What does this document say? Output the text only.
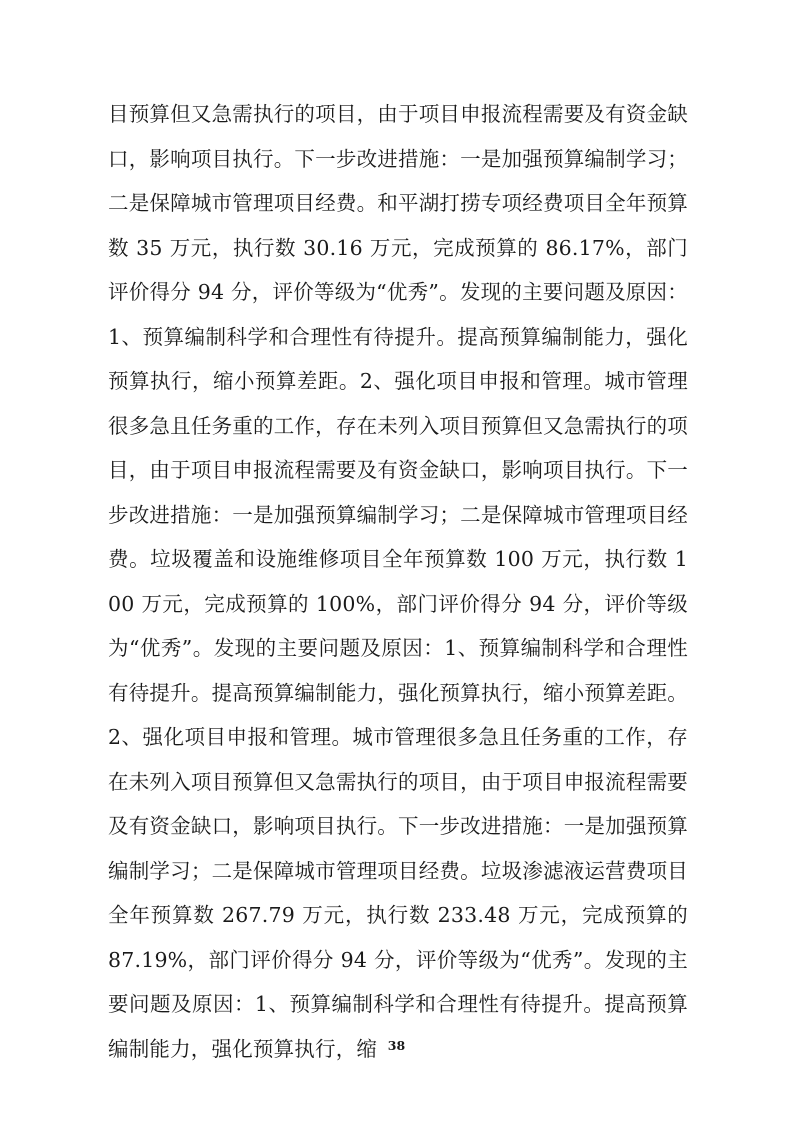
目预算但又急需执行的项目，由于项目申报流程需要及有资金缺口，影响项目执行。下一步改进措施：一是加强预算编制学习；二是保障城市管理项目经费。和平湖打捞专项经费项目全年预算数 35 万元，执行数 30.16 万元，完成预算的 86.17%，部门评价得分 94 分，评价等级为“优秀”。发现的主要问题及原因：1、预算编制科学和合理性有待提升。提高预算编制能力，强化预算执行，缩小预算差距。2、强化项目申报和管理。城市管理很多急且任务重的工作，存在未列入项目预算但又急需执行的项目，由于项目申报流程需要及有资金缺口，影响项目执行。下一步改进措施：一是加强预算编制学习；二是保障城市管理项目经费。垃圾覆盖和设施维修项目全年预算数 100 万元，执行数 100 万元，完成预算的 100%，部门评价得分 94 分，评价等级为“优秀”。发现的主要问题及原因：1、预算编制科学和合理性有待提升。提高预算编制能力，强化预算执行，缩小预算差距。2、强化项目申报和管理。城市管理很多急且任务重的工作，存在未列入项目预算但又急需执行的项目，由于项目申报流程需要及有资金缺口，影响项目执行。下一步改进措施：一是加强预算编制学习；二是保障城市管理项目经费。垃圾渗滤液运营费项目全年预算数 267.79 万元，执行数 233.48 万元，完成预算的 87.19%，部门评价得分 94 分，评价等级为“优秀”。发现的主要问题及原因：1、预算编制科学和合理性有待提升。提高预算编制能力，强化预算执行，缩 38
